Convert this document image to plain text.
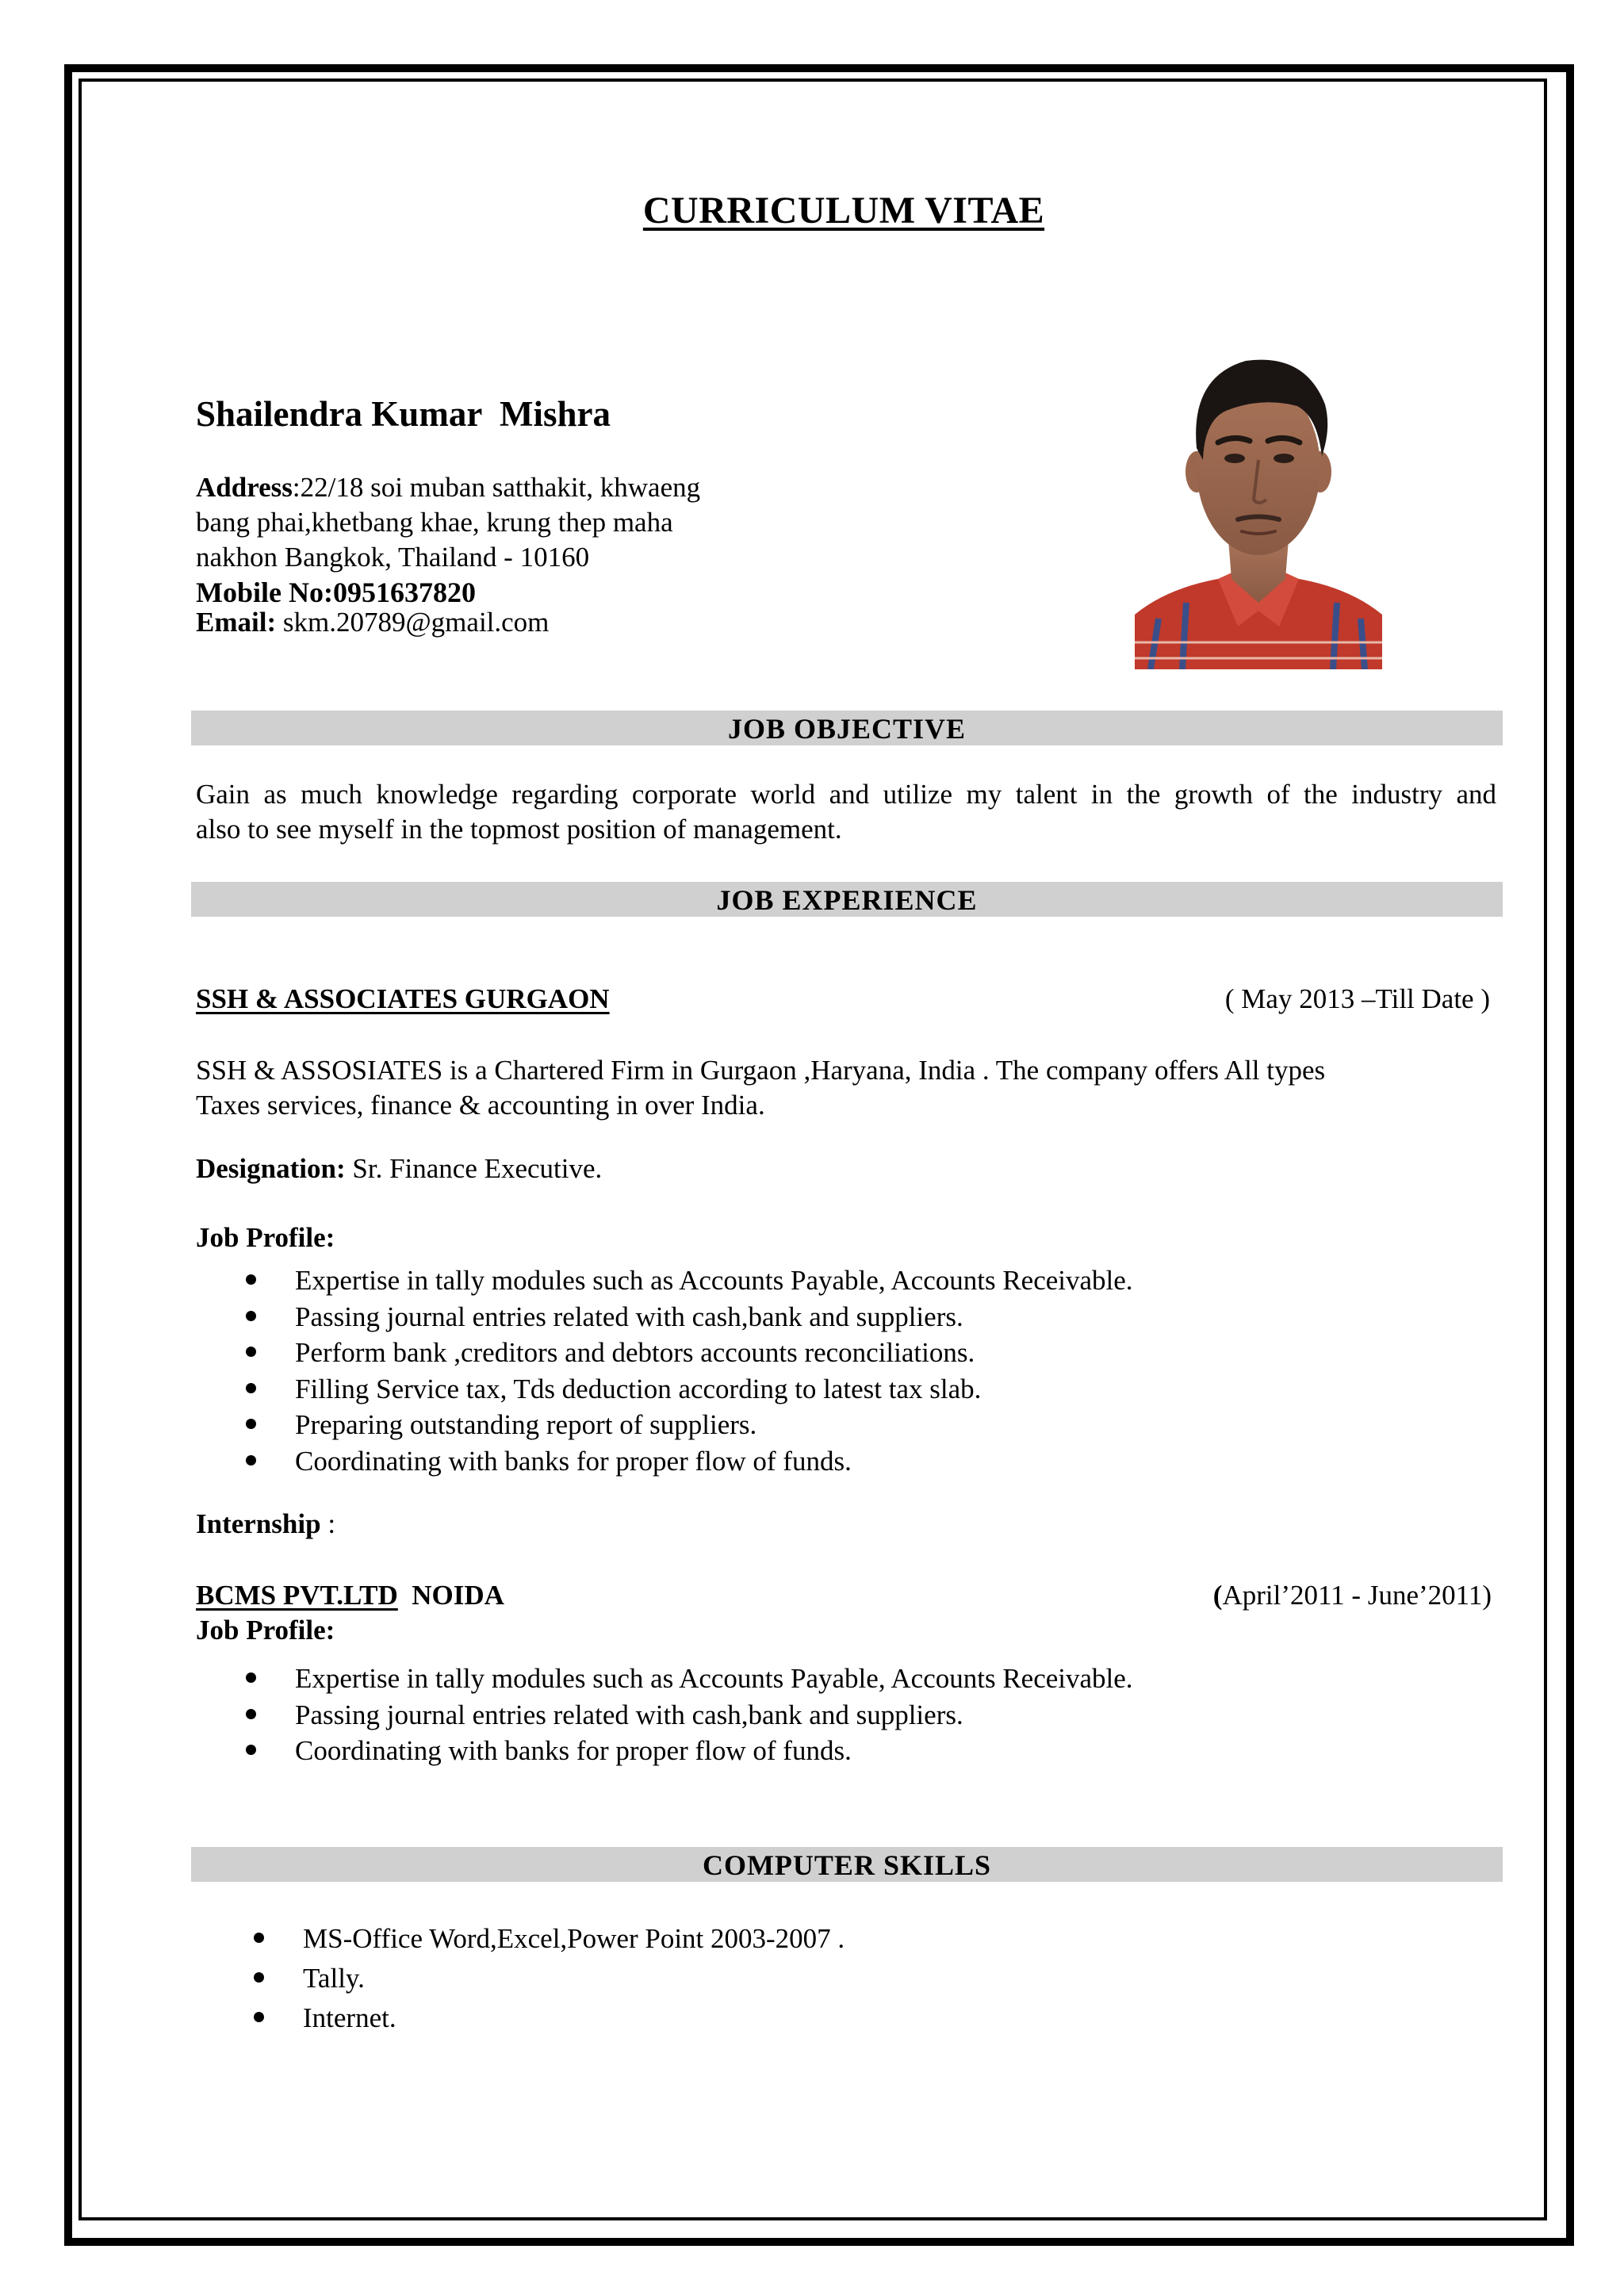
CURRICULUM VITAE
Shailendra Kumar  Mishra
Address:22/18 soi muban satthakit, khwaeng
bang phai,khetbang khae, krung thep maha
nakhon Bangkok, Thailand - 10160
Mobile No:0951637820
Email: skm.20789@gmail.com
JOB OBJECTIVE
Gain as much knowledge regarding corporate world and utilize my talent in the growth of the industry and
also to see myself in the topmost position of management.
JOB EXPERIENCE
SSH & ASSOCIATES GURGAON	( May 2013 –Till Date )
SSH & ASSOSIATES is a Chartered Firm in Gurgaon ,Haryana, India . The company offers All types
Taxes services, finance & accounting in over India.
Designation: Sr. Finance Executive.
Job Profile:
Expertise in tally modules such as Accounts Payable, Accounts Receivable.
Passing journal entries related with cash,bank and suppliers.
Perform bank ,creditors and debtors accounts reconciliations.
Filling Service tax, Tds deduction according to latest tax slab.
Preparing outstanding report of suppliers.
Coordinating with banks for proper flow of funds.
Internship :
BCMS PVT.LTD  NOIDA	(April’2011 - June’2011)
Job Profile:
Expertise in tally modules such as Accounts Payable, Accounts Receivable.
Passing journal entries related with cash,bank and suppliers.
Coordinating with banks for proper flow of funds.
COMPUTER SKILLS
MS-Office Word,Excel,Power Point 2003-2007 .
Tally.
Internet.
